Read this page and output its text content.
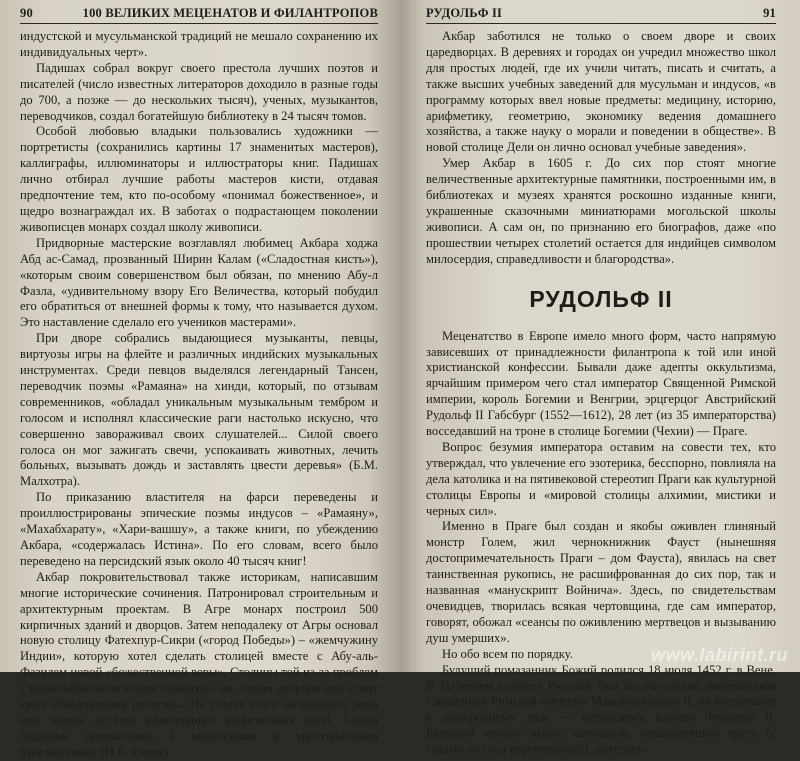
90	100 ВЕЛИКИХ МЕЦЕНАТОВ И ФИЛАНТРОПОВ

индустской и мусульманской традиций не мешало сохранению их индивидуальных черт».

Падишах собрал вокруг своего престола лучших поэтов и писателей (число известных литераторов доходило в разные годы до 700, а позже — до нескольких тысяч), ученых, музыкантов, переводчиков, создал богатейшую библиотеку в 24 тысяч томов.

Особой любовью владыки пользовались художники — портретисты (сохранились картины 17 знаменитых мастеров), каллиграфы, иллюминаторы и иллюстраторы книг. Падишах лично отбирал лучшие работы мастеров кисти, отдавая предпочтение тем, кто по-особому «понимал божественное», и щедро вознаграждал их. В заботах о подрастающем поколении живописцев монарх создал школу живописи.

Придворные мастерские возглавлял любимец Акбара ходжа Абд ас-Самад, прозванный Ширин Калам («Сладостная кисть»), «которым своим совершенством был обязан, по мнению Абу-л Фазла, «удивительному взору Его Величества, который побудил его обратиться от внешней формы к тому, что называется духом. Это наставление сделало его учеников мастерами».

При дворе собрались выдающиеся музыканты, певцы, виртуозы игры на флейте и различных индийских музыкальных инструментах. Среди певцов выделялся легендарный Тансен, переводчик поэмы «Рамаяна» на хинди, который, по отзывам современников, «обладал уникальным музыкальным тембром и голосом и исполнял классические раги настолько искусно, что совершенно завораживал своих слушателей... Силой своего голоса он мог зажигать свечи, успокаивать животных, лечить больных, вызывать дождь и заставлять цвести деревья» (Б.М. Малхотра).

По приказанию властителя на фарси переведены и проиллюстрированы эпические поэмы индусов – «Рамаяну», «Махабхарату», «Хари-вашшу», а также книги, по убеждению Акбара, «содержалась Истина». По его словам, всего было переведено на персидский язык около 40 тысяч книг!

Акбар покровительствовал также историкам, написавшим многие исторические сочинения. Патронировал строительным и архитектурным проектам. В Агре монарх построил 500 кирпичных зданий и дворцов. Затем неподалеку от Агры основал новую столицу Фатехпур-Сикри («город Победы») – «жемчужину Индии», которую хотел сделать столицей вместе с Абу-аль-Фазилем новой «божественной веры». Столицы той из-за проблем с водоснабжением вскоре покинули, но «среди дворцов еще стоит храм объединенной религии... На стенах этого загородного дома еще видны остатки разнородных религиозных идей. Следы буддизма перемешаны с индусскими и христианскими фрагментами» (Н.К. Рерих).

РУДОЛЬФ II	91

Акбар заботился не только о своем дворе и своих царедворцах. В деревнях и городах он учредил множество школ для простых людей, где их учили читать, писать и считать, а также высших учебных заведений для мусульман и индусов, «в программу которых ввел новые предметы: медицину, историю, арифметику, геометрию, экономику ведения домашнего хозяйства, а также науку о морали и поведении в обществе». В новой столице Дели он лично основал учебные заведения».

Умер Акбар в 1605 г. До сих пор стоят многие величественные архитектурные памятники, построенными им, в библиотеках и музеях хранятся роскошно изданные книги, украшенные сказочными миниатюрами могольской школы живописи. А сам он, по признанию его биографов, даже «по прошествии четырех столетий остается для индийцев символом милосердия, справедливости и благородства».

РУДОЛЬФ II

Меценатство в Европе имело много форм, часто напрямую зависевших от принадлежности филантропа к той или иной христианской конфессии. Бывали даже адепты оккультизма, ярчайшим примером чего стал император Священной Римской империи, король Богемии и Венгрии, эрцгерцог Австрийский Рудольф II Габсбург (1552—1612), 28 лет (из 35 императорства) восседавший на троне в столице Богемии (Чехии) — Праге.

Вопрос безумия императора оставим на совести тех, кто утверждал, что увлечение его эзотерика, бесспорно, повлияла на дела католика и на пятивековой стереотип Праги как культурной столицы Европы и «мировой столицы алхимии, мистики и черных сил».

Именно в Праге был создан и якобы оживлен глиняный монстр Голем, жил чернокнижник Фауст (нынешняя достопримечательность Праги – дом Фауста), явилась на свет таинственная рукопись, не расшифрованная до сих пор, так и названная «манускрипт Войнича». Здесь, по свидетельствам очевидцев, творилась всякая чертовщина, где сам император, говорят, обожал «сеансы по оживлению мертвецов и вызыванию душ умерших».

Но обо всем по порядку.

Будущий помазанник Божий родился 18 июля 1452 г. в Вене. В 11-летнем возрасте Рудольф был послан отцом, императором Священной Римской империи Максимилианом II, на воспитание к двоюродному дяде — испанскому королю Филиппу II. Будущий монарх вырос католиком, ненавидевшим ересь (с годами он стал веротерпимей), интеллек-

www.labirint.ru
